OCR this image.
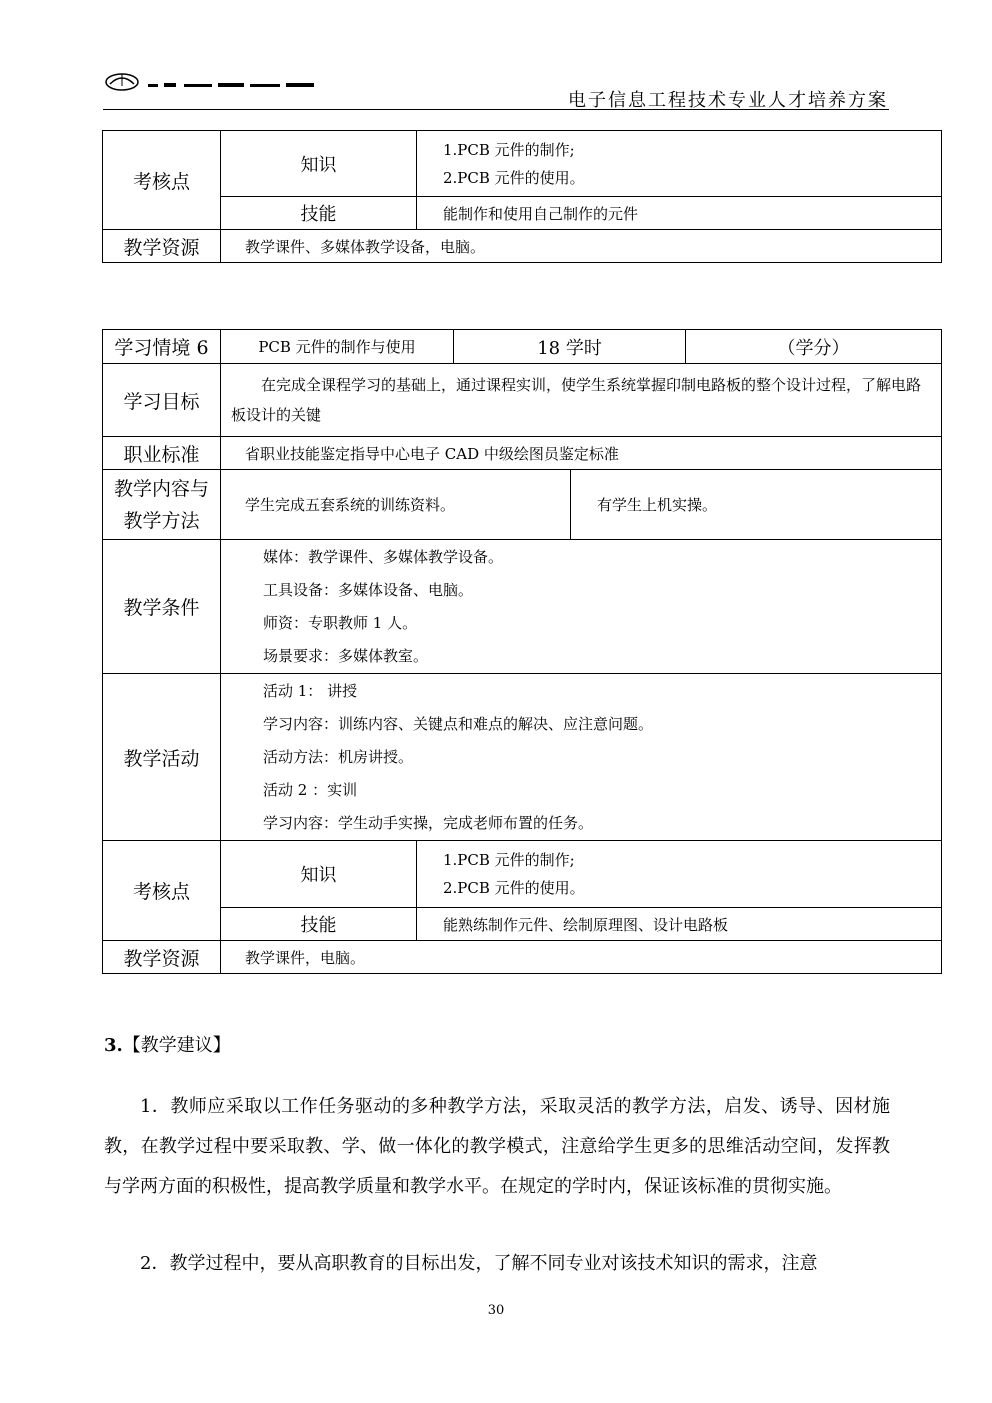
电子信息工程技术专业人才培养方案
考核点	知识	1.PCB 元件的制作;
2.PCB 元件的使用。

	技能	能制作和使用自己制作的元件
教学资源	教学课件、多媒体教学设备，电脑。	
学习情境 6	PCB 元件的制作与使用		18 学时		（学分）
学习目标	在完成全课程学习的基础上，通过课程实训，使学生系统掌握印制电路板的整个设计过程，了解电路板设计的关键				
职业标准	省职业技能鉴定指导中心电子 CAD 中级绘图员鉴定标准				

教学内容与
教学方法	学生完成五套系统的训练资料。			有学生上机实操。	
教学条件	媒体：教学课件、多媒体教学设备。
工具设备：多媒体设备、电脑。
师资：专职教师 1 人。
场景要求：多媒体教室。				

教学活动	活动 1： 讲授
学习内容：训练内容、关键点和难点的解决、应注意问题。
活动方法：机房讲授。
活动 2 ：实训
学习内容：学生动手实操，完成老师布置的任务。				

考核点	知识	1.PCB 元件的制作;
2.PCB 元件的使用。			

	技能	能熟练制作元件、绘制原理图、设计电路板			
教学资源	教学课件，电脑。				
3.【教学建议】
1．教师应采取以工作任务驱动的多种教学方法，采取灵活的教学方法，启发、诱导、因材施教，在教学过程中要采取教、学、做一体化的教学模式，注意给学生更多的思维活动空间，发挥教与学两方面的积极性，提高教学质量和教学水平。在规定的学时内，保证该标准的贯彻实施。
2．教学过程中，要从高职教育的目标出发，了解不同专业对该技术知识的需求，注意
30
